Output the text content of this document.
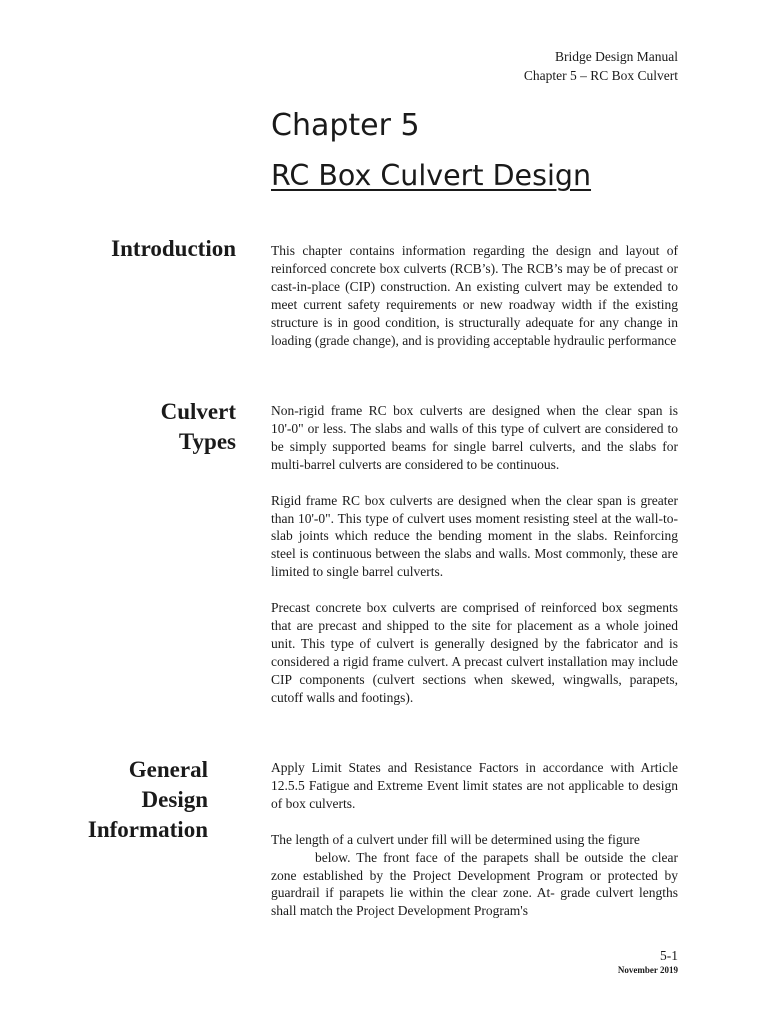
Bridge Design Manual
Chapter 5 – RC Box Culvert
Chapter 5
RC Box Culvert Design
Introduction	This chapter contains information regarding the design and layout of reinforced concrete box culverts (RCB’s). The RCB’s may be of precast or cast-in-place (CIP) construction. An existing culvert may be extended to meet current safety requirements or new roadway width if the existing structure is in good condition, is structurally adequate for any change in loading (grade change), and is providing acceptable hydraulic performance

Culvert
Types

Non-rigid frame RC box culverts are designed when the clear span is 10'-0" or less. The slabs and walls of this type of culvert are considered to be simply supported beams for single barrel culverts, and the slabs for multi-barrel culverts are considered to be continuous.

Rigid frame RC box culverts are designed when the clear span is greater than 10'-0". This type of culvert uses moment resisting steel at the wall-to-slab joints which reduce the bending moment in the slabs. Reinforcing steel is continuous between the slabs and walls. Most commonly, these are limited to single barrel culverts.

Precast concrete box culverts are comprised of reinforced box segments that are precast and shipped to the site for placement as a whole joined unit. This type of culvert is generally designed by the fabricator and is considered a rigid frame culvert. A precast culvert installation may include CIP components (culvert sections when skewed, wingwalls, parapets, cutoff walls and footings).

General
Design
Information

Apply Limit States and Resistance Factors in accordance with Article 12.5.5 Fatigue and Extreme Event limit states are not applicable to design of box culverts.

The length of a culvert under fill will be determined using the figure

below. The front face of the parapets shall be outside the clear zone established by the Project Development Program or protected by guardrail if parapets lie within the clear zone. At- grade culvert lengths shall match the Project Development Program's

5-1
November 2019
